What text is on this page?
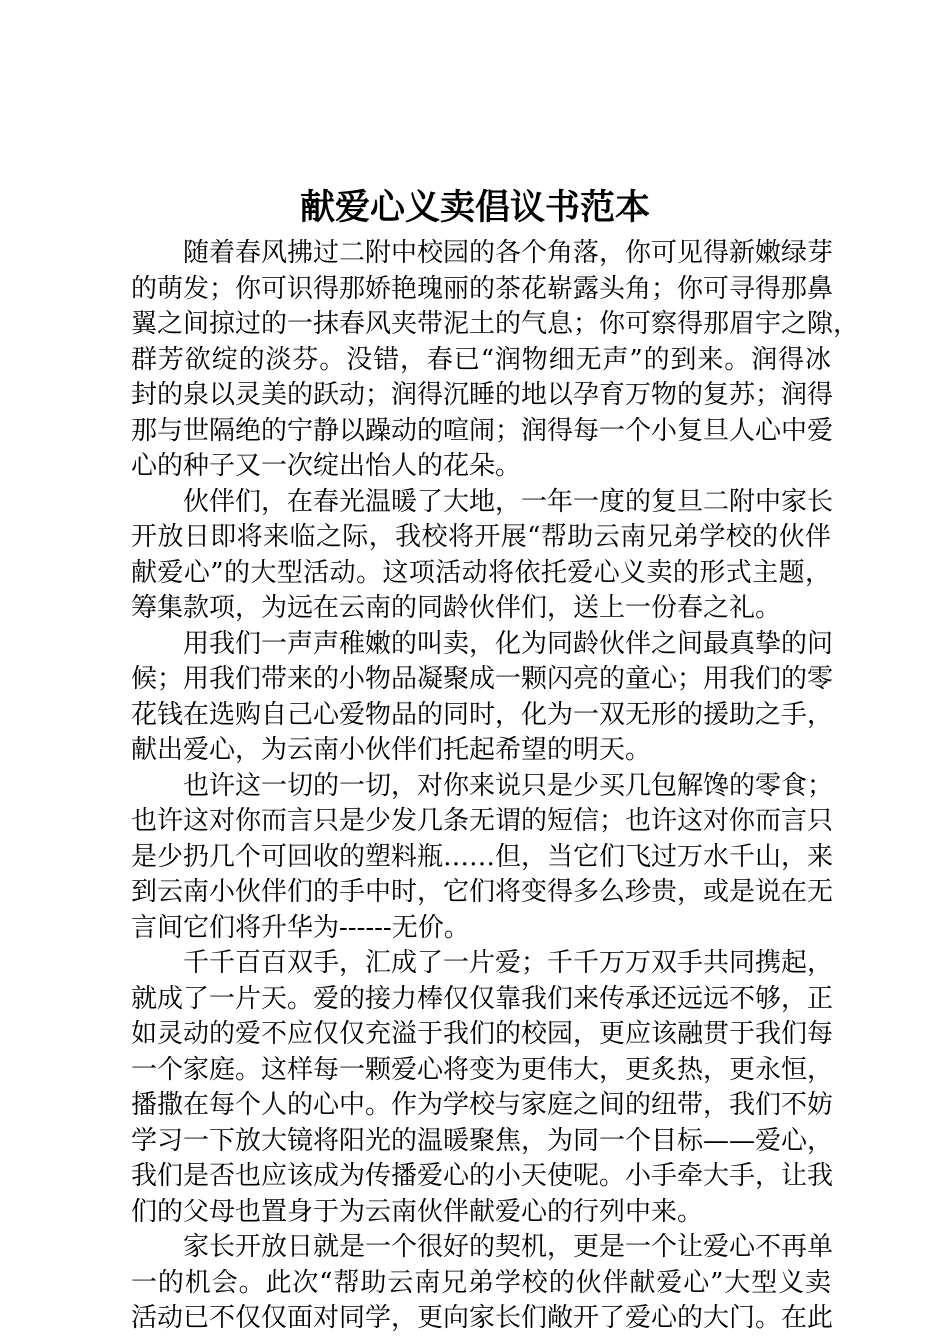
献爱心义卖倡议书范本
随着春风拂过二附中校园的各个角落，你可见得新嫩绿芽
的萌发；你可识得那娇艳瑰丽的茶花崭露头角；你可寻得那鼻
翼之间掠过的一抹春风夹带泥土的气息；你可察得那眉宇之隙，
群芳欲绽的淡芬。没错，春已“润物细无声”的到来。润得冰
封的泉以灵美的跃动；润得沉睡的地以孕育万物的复苏；润得
那与世隔绝的宁静以躁动的喧闹；润得每一个小复旦人心中爱
心的种子又一次绽出怡人的花朵。
伙伴们，在春光温暖了大地，一年一度的复旦二附中家长
开放日即将来临之际，我校将开展“帮助云南兄弟学校的伙伴
献爱心”的大型活动。这项活动将依托爱心义卖的形式主题，
筹集款项，为远在云南的同龄伙伴们，送上一份春之礼。
用我们一声声稚嫩的叫卖，化为同龄伙伴之间最真挚的问
候；用我们带来的小物品凝聚成一颗闪亮的童心；用我们的零
花钱在选购自己心爱物品的同时，化为一双无形的援助之手，
献出爱心，为云南小伙伴们托起希望的明天。
也许这一切的一切，对你来说只是少买几包解馋的零食；
也许这对你而言只是少发几条无谓的短信；也许这对你而言只
是少扔几个可回收的塑料瓶……但，当它们飞过万水千山，来
到云南小伙伴们的手中时，它们将变得多么珍贵，或是说在无
言间它们将升华为------无价。
千千百百双手，汇成了一片爱；千千万万双手共同携起，
就成了一片天。爱的接力棒仅仅靠我们来传承还远远不够，正
如灵动的爱不应仅仅充溢于我们的校园，更应该融贯于我们每
一个家庭。这样每一颗爱心将变为更伟大，更炙热，更永恒，
播撒在每个人的心中。作为学校与家庭之间的纽带，我们不妨
学习一下放大镜将阳光的温暖聚焦，为同一个目标——爱心，
我们是否也应该成为传播爱心的小天使呢。小手牵大手，让我
们的父母也置身于为云南伙伴献爱心的行列中来。
家长开放日就是一个很好的契机，更是一个让爱心不再单
一的机会。此次“帮助云南兄弟学校的伙伴献爱心”大型义卖
活动已不仅仅面对同学，更向家长们敞开了爱心的大门。在此
